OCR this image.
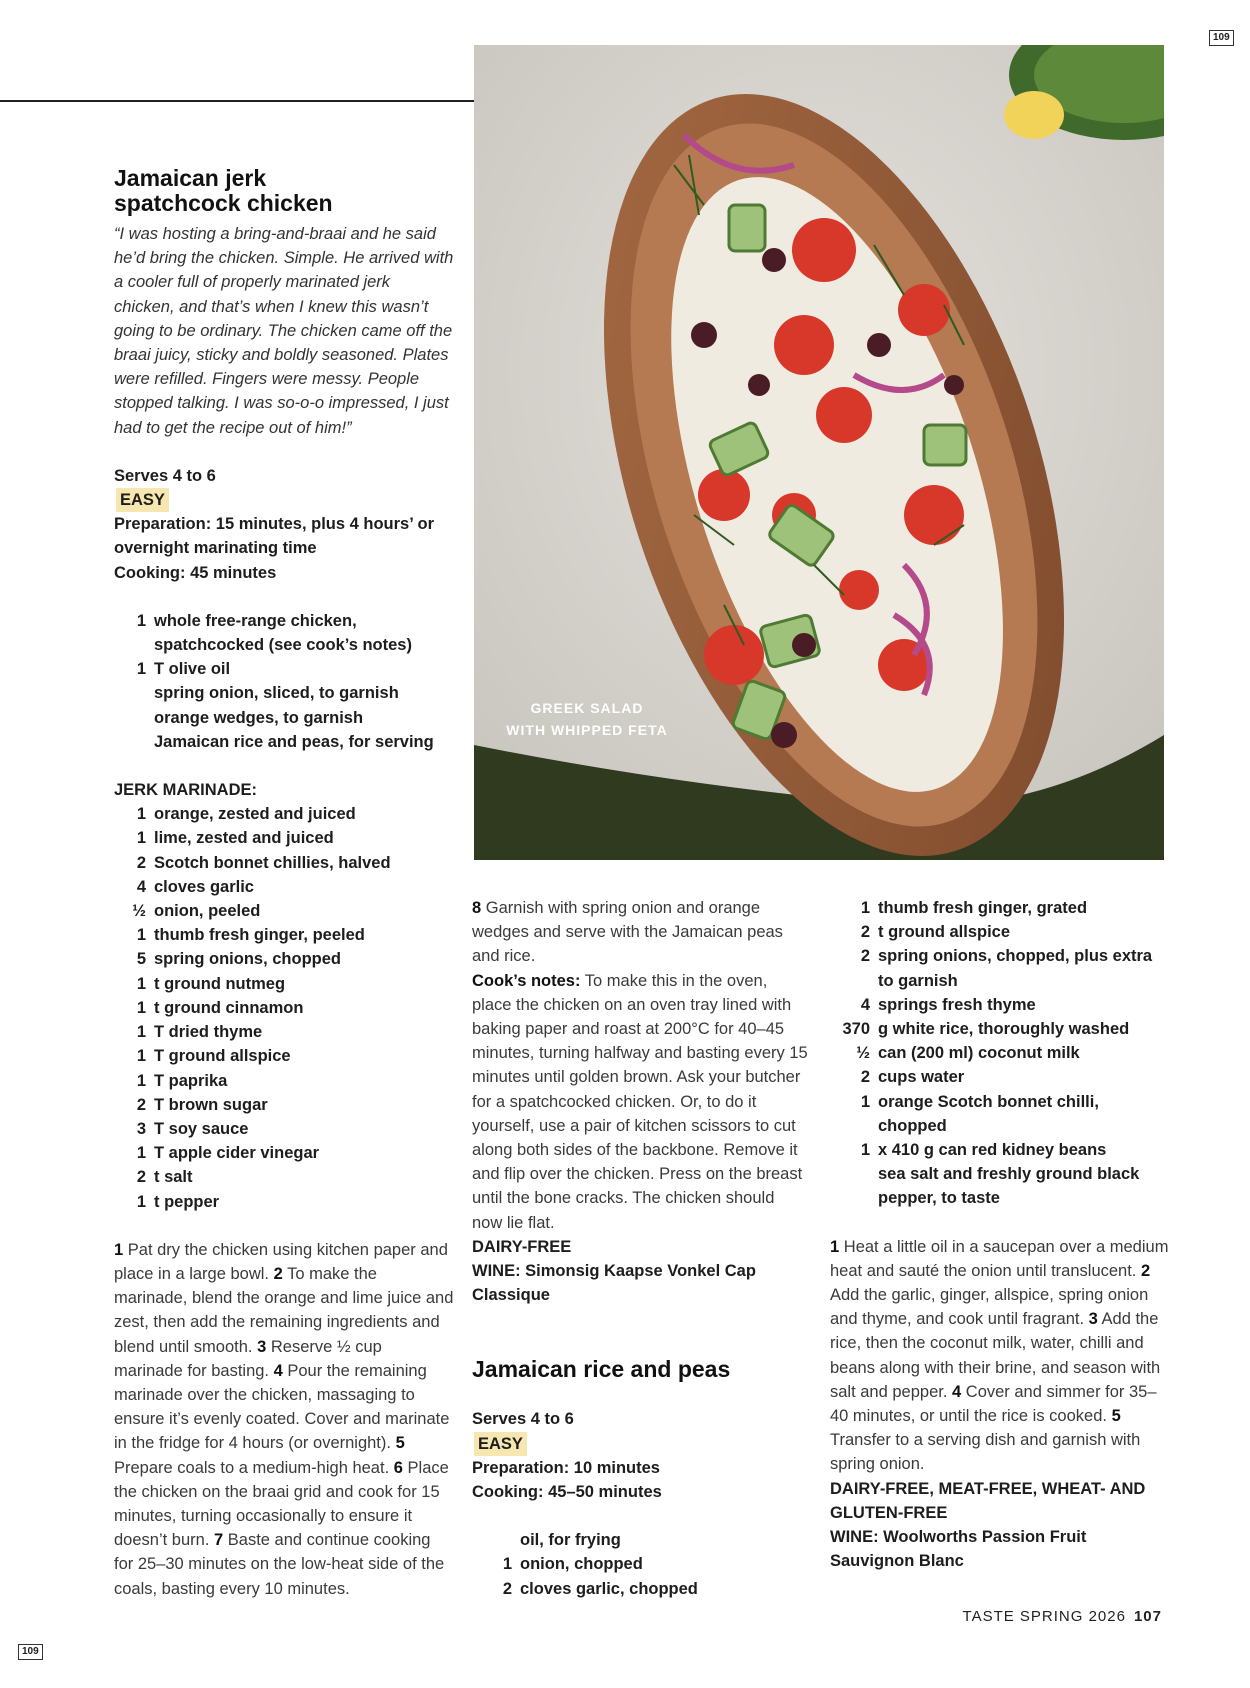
109
109
GREEK SALAD
WITH WHIPPED FETA
Jamaican jerk
spatchcock chicken

“I was hosting a bring-and-braai and he said he’d bring the chicken. Simple. He arrived with a cooler full of properly marinated jerk chicken, and that’s when I knew this wasn’t going to be ordinary. The chicken came off the braai juicy, sticky and boldly seasoned. Plates were refilled. Fingers were messy. People stopped talking. I was so-o-o impressed, I just had to get the recipe out of him!”

Serves 4 to 6

EASY

Preparation: 15 minutes, plus 4 hours’ or overnight marinating time

Cooking: 45 minutes

1 whole free-range chicken, spatchcocked (see cook’s notes)
1 T olive oil
spring onion, sliced, to garnish
orange wedges, to garnish
Jamaican rice and peas, for serving

JERK MARINADE:

1 orange, zested and juiced
1 lime, zested and juiced
2 Scotch bonnet chillies, halved
4 cloves garlic
½ onion, peeled
1 thumb fresh ginger, peeled
5 spring onions, chopped
1 t ground nutmeg
1 t ground cinnamon
1 T dried thyme
1 T ground allspice
1 T paprika
2 T brown sugar
3 T soy sauce
1 T apple cider vinegar
2 t salt
1 t pepper

1 Pat dry the chicken using kitchen paper and place in a large bowl. 2 To make the marinade, blend the orange and lime juice and zest, then add the remaining ingredients and blend until smooth. 3 Reserve ½ cup marinade for basting. 4 Pour the remaining marinade over the chicken, massaging to ensure it’s evenly coated. Cover and marinate in the fridge for 4 hours (or overnight). 5 Prepare coals to a medium-high heat. 6 Place the chicken on the braai grid and cook for 15 minutes, turning occasionally to ensure it doesn’t burn. 7 Baste and continue cooking for 25–30 minutes on the low-heat side of the coals, basting every 10 minutes.

8 Garnish with spring onion and orange wedges and serve with the Jamaican peas and rice.

Cook’s notes: To make this in the oven, place the chicken on an oven tray lined with baking paper and roast at 200°C for 40–45 minutes, turning halfway and basting every 15 minutes until golden brown. Ask your butcher for a spatchcocked chicken. Or, to do it yourself, use a pair of kitchen scissors to cut along both sides of the backbone. Remove it and flip over the chicken. Press on the breast until the bone cracks. The chicken should now lie flat.

DAIRY-FREE

WINE: Simonsig Kaapse Vonkel Cap Classique

Jamaican rice and peas

Serves 4 to 6

EASY

Preparation: 10 minutes

Cooking: 45–50 minutes

oil, for frying
1 onion, chopped
2 cloves garlic, chopped
1 thumb fresh ginger, grated
2 t ground allspice
2 spring onions, chopped, plus extra to garnish
4 springs fresh thyme
370 g white rice, thoroughly washed
½ can (200 ml) coconut milk
2 cups water
1 orange Scotch bonnet chilli, chopped
1 x 410 g can red kidney beans
sea salt and freshly ground black pepper, to taste

1 Heat a little oil in a saucepan over a medium heat and sauté the onion until translucent. 2 Add the garlic, ginger, allspice, spring onion and thyme, and cook until fragrant. 3 Add the rice, then the coconut milk, water, chilli and beans along with their brine, and season with salt and pepper. 4 Cover and simmer for 35–40 minutes, or until the rice is cooked. 5 Transfer to a serving dish and garnish with spring onion.

DAIRY-FREE, MEAT-FREE, WHEAT- AND GLUTEN-FREE

WINE: Woolworths Passion Fruit Sauvignon Blanc

TASTE SPRING 2026 107
